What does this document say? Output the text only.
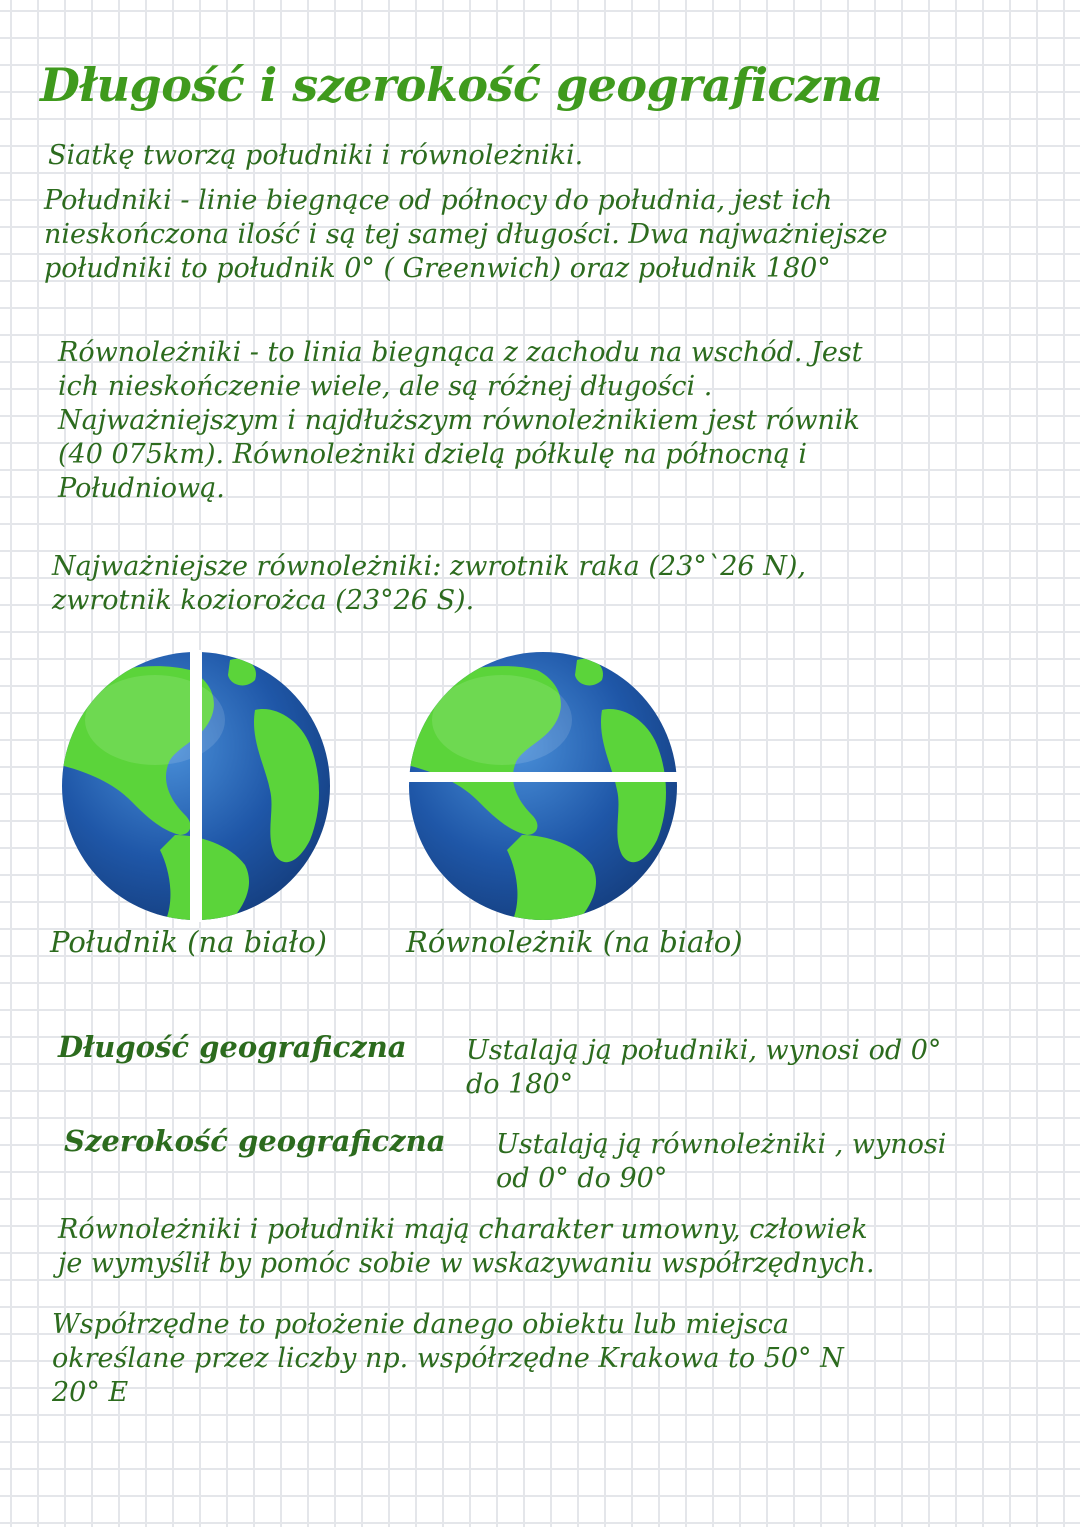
Długość i szerokość geograficzna

Siatkę tworzą południki i równoleżniki.

Południki - linie biegnące od północy do południa, jest ich
nieskończona ilość i są tej samej długości. Dwa najważniejsze
południki to południk 0° ( Greenwich) oraz południk 180°

Równoleżniki - to linia biegnąca z zachodu na wschód. Jest
ich nieskończenie wiele, ale są różnej długości .
Najważniejszym i najdłuższym równoleżnikiem jest równik
(40 075km). Równoleżniki dzielą półkulę na północną i
Południową.

Najważniejsze równoleżniki: zwrotnik raka (23°`26 N),
zwrotnik koziorożca (23°26 S).

Południk (na biało)	Równoleżnik (na biało)

Długość geograficzna Ustalają ją południki, wynosi od 0°
do 180°

Szerokość geograficzna Ustalają ją równoleżniki , wynosi
od 0° do 90°

Równoleżniki i południki mają charakter umowny, człowiek
je wymyślił by pomóc sobie w wskazywaniu współrzędnych.

Współrzędne to położenie danego obiektu lub miejsca
określane przez liczby np. współrzędne Krakowa to 50° N
20° E
